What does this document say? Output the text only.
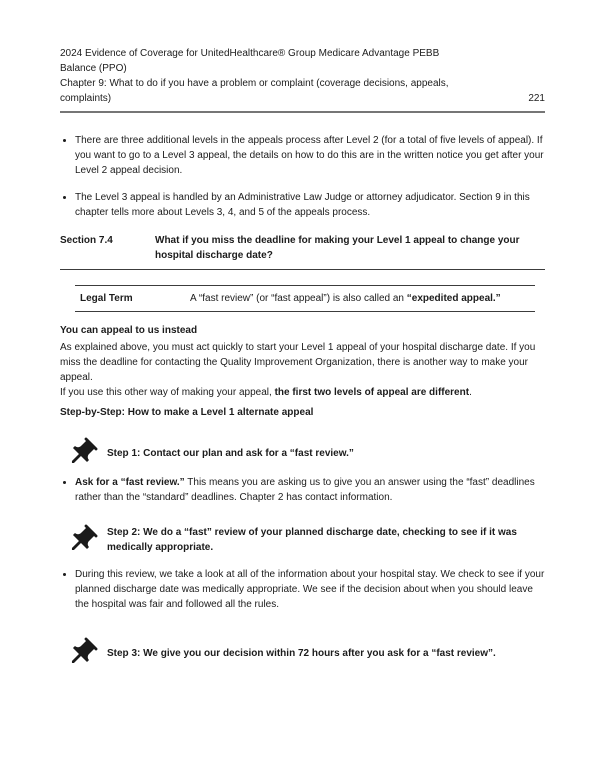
2024 Evidence of Coverage for UnitedHealthcare® Group Medicare Advantage PEBB
Balance (PPO)
Chapter 9: What to do if you have a problem or complaint (coverage decisions, appeals,
complaints)	221
• There are three additional levels in the appeals process after Level 2 (for a total of five levels of appeal). If you want to go to a Level 3 appeal, the details on how to do this are in the written notice you get after your Level 2 appeal decision.
• The Level 3 appeal is handled by an Administrative Law Judge or attorney adjudicator. Section 9 in this chapter tells more about Levels 3, 4, and 5 of the appeals process.
Section 7.4	What if you miss the deadline for making your Level 1 appeal to change your hospital discharge date?
Legal Term	A “fast review” (or “fast appeal”) is also called an “expedited appeal.”
You can appeal to us instead

As explained above, you must act quickly to start your Level 1 appeal of your hospital discharge date. If you miss the deadline for contacting the Quality Improvement Organization, there is another way to make your appeal.

If you use this other way of making your appeal, the first two levels of appeal are different.

Step-by-Step: How to make a Level 1 alternate appeal
Step 1: Contact our plan and ask for a “fast review.”
• Ask for a “fast review.” This means you are asking us to give you an answer using the “fast” deadlines rather than the “standard” deadlines. Chapter 2 has contact information.
Step 2: We do a “fast” review of your planned discharge date, checking to see if it was medically appropriate.
• During this review, we take a look at all of the information about your hospital stay. We check to see if your planned discharge date was medically appropriate. We see if the decision about when you should leave the hospital was fair and followed all the rules.
Step 3: We give you our decision within 72 hours after you ask for a “fast review”.
